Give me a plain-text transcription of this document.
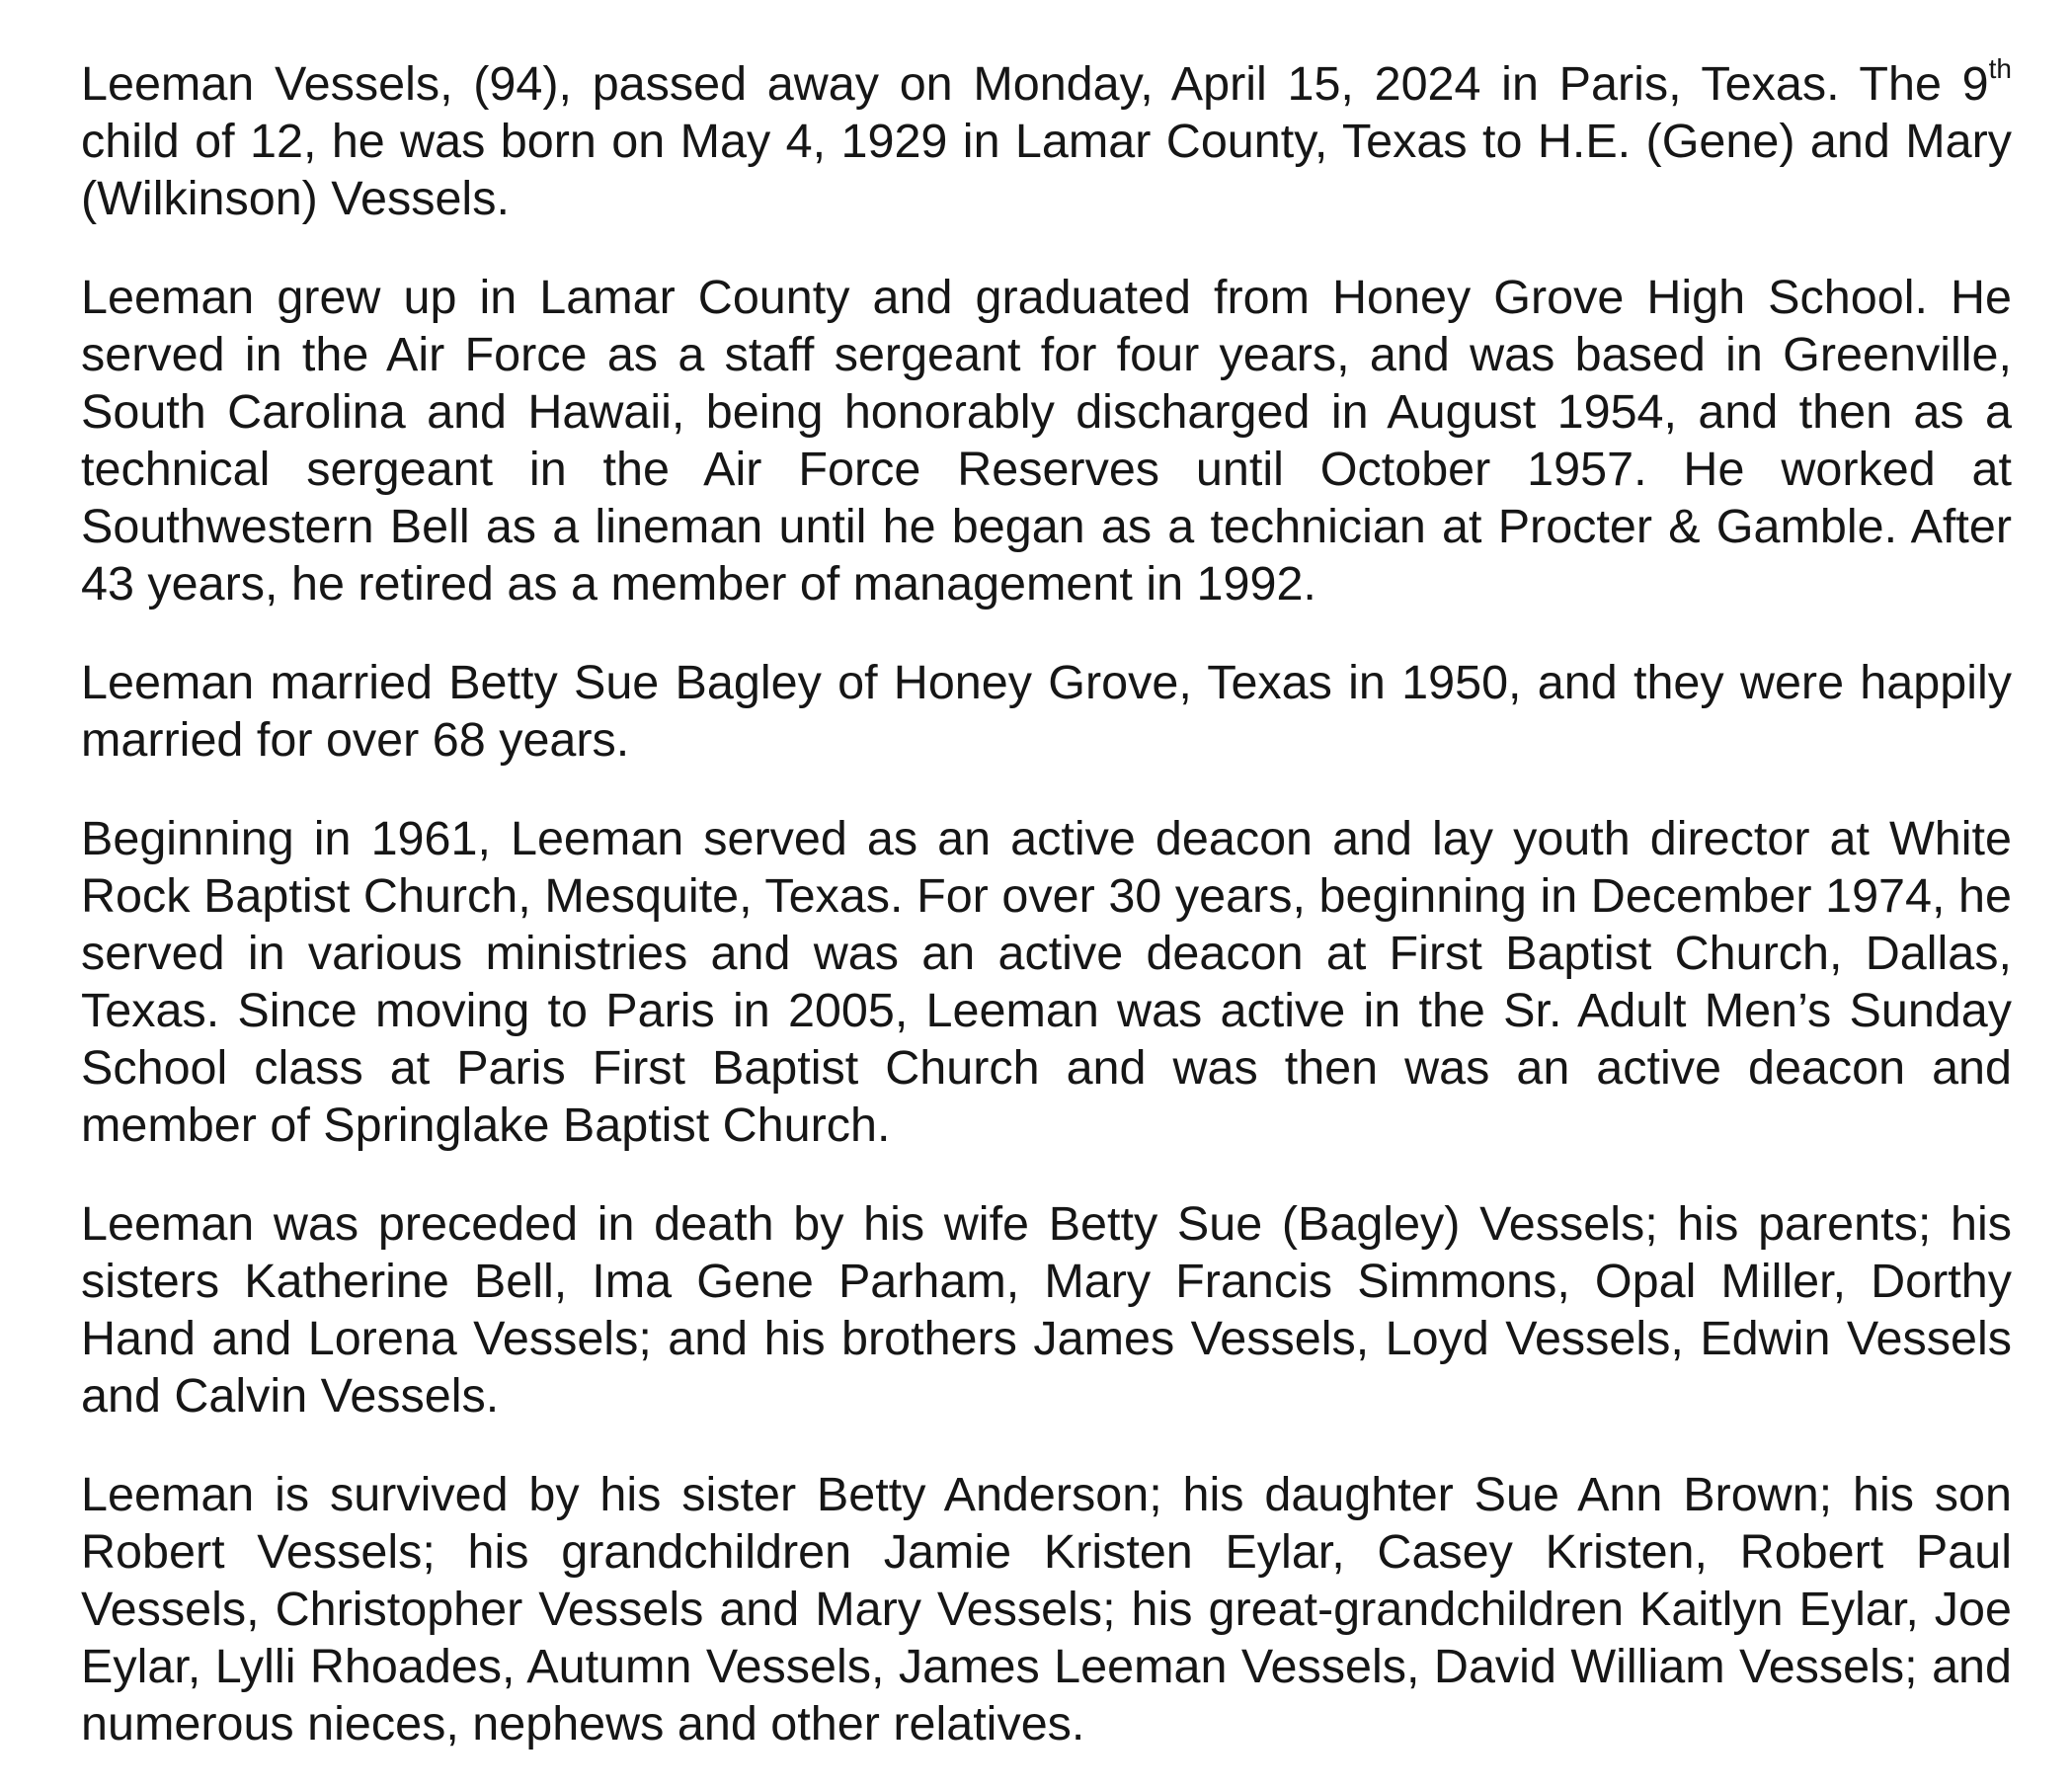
Leeman Vessels, (94), passed away on Monday, April 15, 2024 in Paris, Texas. The 9th child of 12, he was born on May 4, 1929 in Lamar County, Texas to H.E. (Gene) and Mary (Wilkinson) Vessels.

Leeman grew up in Lamar County and graduated from Honey Grove High School. He served in the Air Force as a staff sergeant for four years, and was based in Greenville, South Carolina and Hawaii, being honorably discharged in August 1954, and then as a technical sergeant in the Air Force Reserves until October 1957. He worked at Southwestern Bell as a lineman until he began as a technician at Procter & Gamble. After 43 years, he retired as a member of management in 1992.

Leeman married Betty Sue Bagley of Honey Grove, Texas in 1950, and they were happily married for over 68 years.

Beginning in 1961, Leeman served as an active deacon and lay youth director at White Rock Baptist Church, Mesquite, Texas. For over 30 years, beginning in December 1974, he served in various ministries and was an active deacon at First Baptist Church, Dallas, Texas. Since moving to Paris in 2005, Leeman was active in the Sr. Adult Men’s Sunday School class at Paris First Baptist Church and was then was an active deacon and member of Springlake Baptist Church.

Leeman was preceded in death by his wife Betty Sue (Bagley) Vessels; his parents; his sisters Katherine Bell, Ima Gene Parham, Mary Francis Simmons, Opal Miller, Dorthy Hand and Lorena Vessels; and his brothers James Vessels, Loyd Vessels, Edwin Vessels and Calvin Vessels.

Leeman is survived by his sister Betty Anderson; his daughter Sue Ann Brown; his son Robert Vessels; his grandchildren Jamie Kristen Eylar, Casey Kristen, Robert Paul Vessels, Christopher Vessels and Mary Vessels; his great-grandchildren Kaitlyn Eylar, Joe Eylar, Lylli Rhoades, Autumn Vessels, James Leeman Vessels, David William Vessels; and numerous nieces, nephews and other relatives.
